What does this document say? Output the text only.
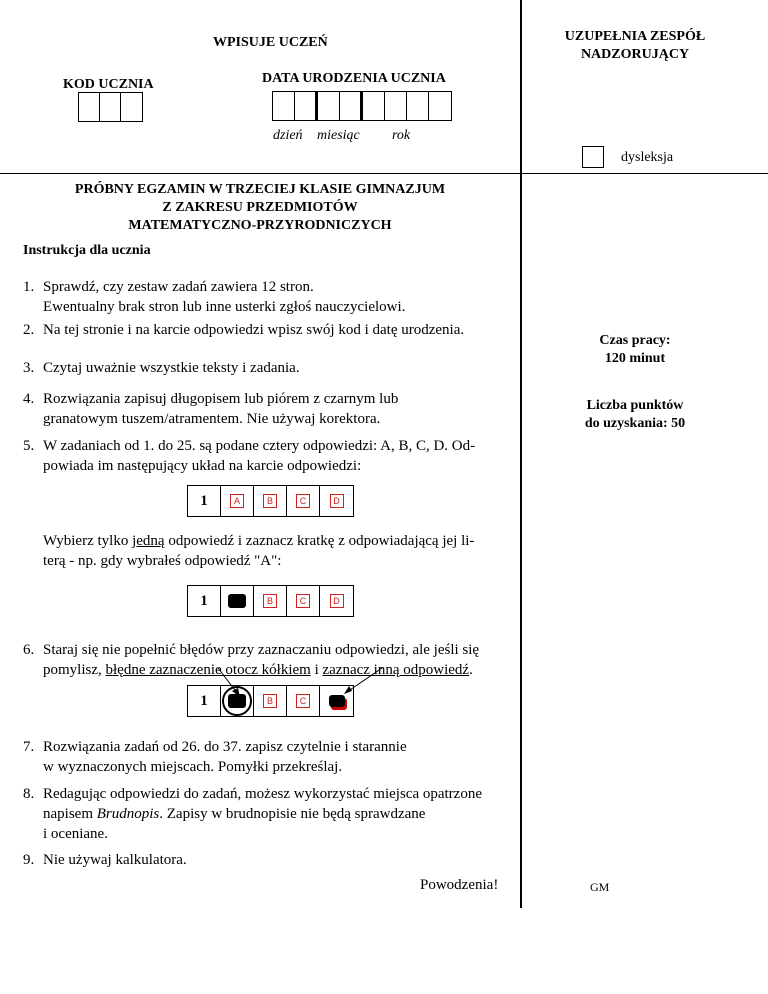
WPISUJE UCZEŃ
KOD UCZNIA	DATA URODZENIA UCZNIA
dzień miesiąc rok
UZUPEŁNIA ZESPÓŁ
NADZORUJĄCY
dysleksja
PRÓBNY EGZAMIN W TRZECIEJ KLASIE GIMNAZJUM
Z ZAKRESU PRZEDMIOTÓW
MATEMATYCZNO-PRZYRODNICZYCH
Instrukcja dla ucznia
1. Sprawdź, czy zestaw zadań zawiera 12 stron.
Ewentualny brak stron lub inne usterki zgłoś nauczycielowi.
2. Na tej stronie i na karcie odpowiedzi wpisz swój kod i datę urodzenia.
3. Czytaj uważnie wszystkie teksty i zadania.
4. Rozwiązania zapisuj długopisem lub piórem z czarnym lub
granatowym tuszem/atramentem. Nie używaj korektora.
5. W zadaniach od 1. do 25. są podane cztery odpowiedzi: A, B, C, D. Od-
powiada im następujący układ na karcie odpowiedzi:
1	A	B	C	D
Wybierz tylko jedną odpowiedź i zaznacz kratkę z odpowiadającą jej li-
terą - np. gdy wybrałeś odpowiedź "A":
1	B	C	D
6. Staraj się nie popełnić błędów przy zaznaczaniu odpowiedzi, ale jeśli się
pomylisz, błędne zaznaczenie otocz kółkiem i zaznacz inną odpowiedź.
1	B	C
7. Rozwiązania zadań od 26. do 37. zapisz czytelnie i starannie
w wyznaczonych miejscach. Pomyłki przekreślaj.
8. Redagując odpowiedzi do zadań, możesz wykorzystać miejsca opatrzone
napisem Brudnopis. Zapisy w brudnopisie nie będą sprawdzane
i oceniane.
9. Nie używaj kalkulatora.
Powodzenia!
Czas pracy:
120 minut
Liczba punktów
do uzyskania: 50
GM
